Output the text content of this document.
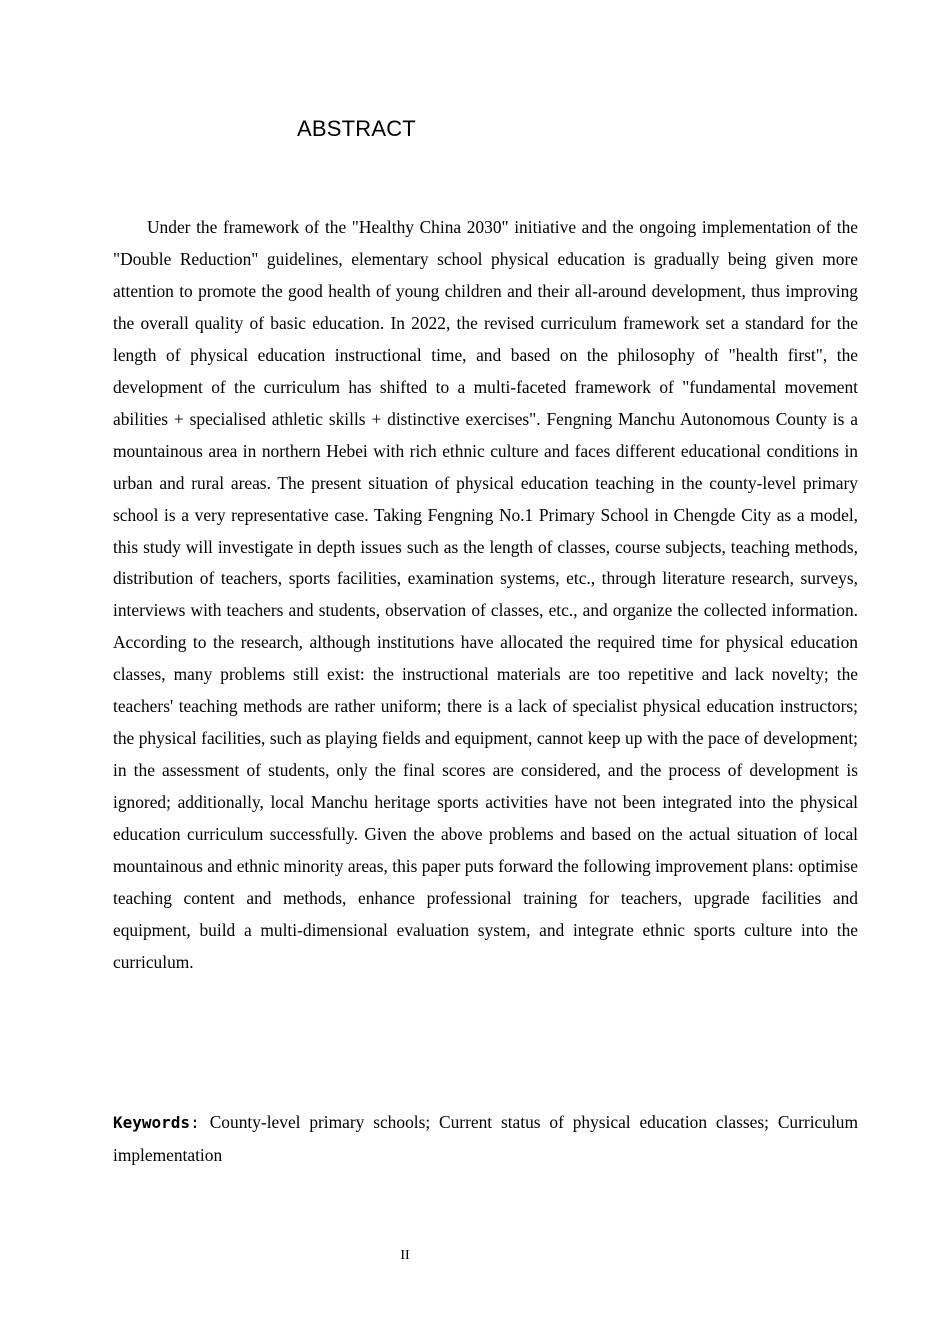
ABSTRACT

Under the framework of the "Healthy China 2030" initiative and the ongoing implementation of the "Double Reduction" guidelines, elementary school physical education is gradually being given more attention to promote the good health of young children and their all-around development, thus improving the overall quality of basic education. In 2022, the revised curriculum framework set a standard for the length of physical education instructional time, and based on the philosophy of "health first", the development of the curriculum has shifted to a multi-faceted framework of "fundamental movement abilities + specialised athletic skills + distinctive exercises". Fengning Manchu Autonomous County is a mountainous area in northern Hebei with rich ethnic culture and faces different educational conditions in urban and rural areas. The present situation of physical education teaching in the county-level primary school is a very representative case. Taking Fengning No.1 Primary School in Chengde City as a model, this study will investigate in depth issues such as the length of classes, course subjects, teaching methods, distribution of teachers, sports facilities, examination systems, etc., through literature research, surveys, interviews with teachers and students, observation of classes, etc., and organize the collected information. According to the research, although institutions have allocated the required time for physical education classes, many problems still exist: the instructional materials are too repetitive and lack novelty; the teachers' teaching methods are rather uniform; there is a lack of specialist physical education instructors; the physical facilities, such as playing fields and equipment, cannot keep up with the pace of development; in the assessment of students, only the final scores are considered, and the process of development is ignored; additionally, local Manchu heritage sports activities have not been integrated into the physical education curriculum successfully. Given the above problems and based on the actual situation of local mountainous and ethnic minority areas, this paper puts forward the following improvement plans: optimise teaching content and methods, enhance professional training for teachers, upgrade facilities and equipment, build a multi-dimensional evaluation system, and integrate ethnic sports culture into the curriculum.

Keywords: County-level primary schools; Current status of physical education classes; Curriculum implementation

II
